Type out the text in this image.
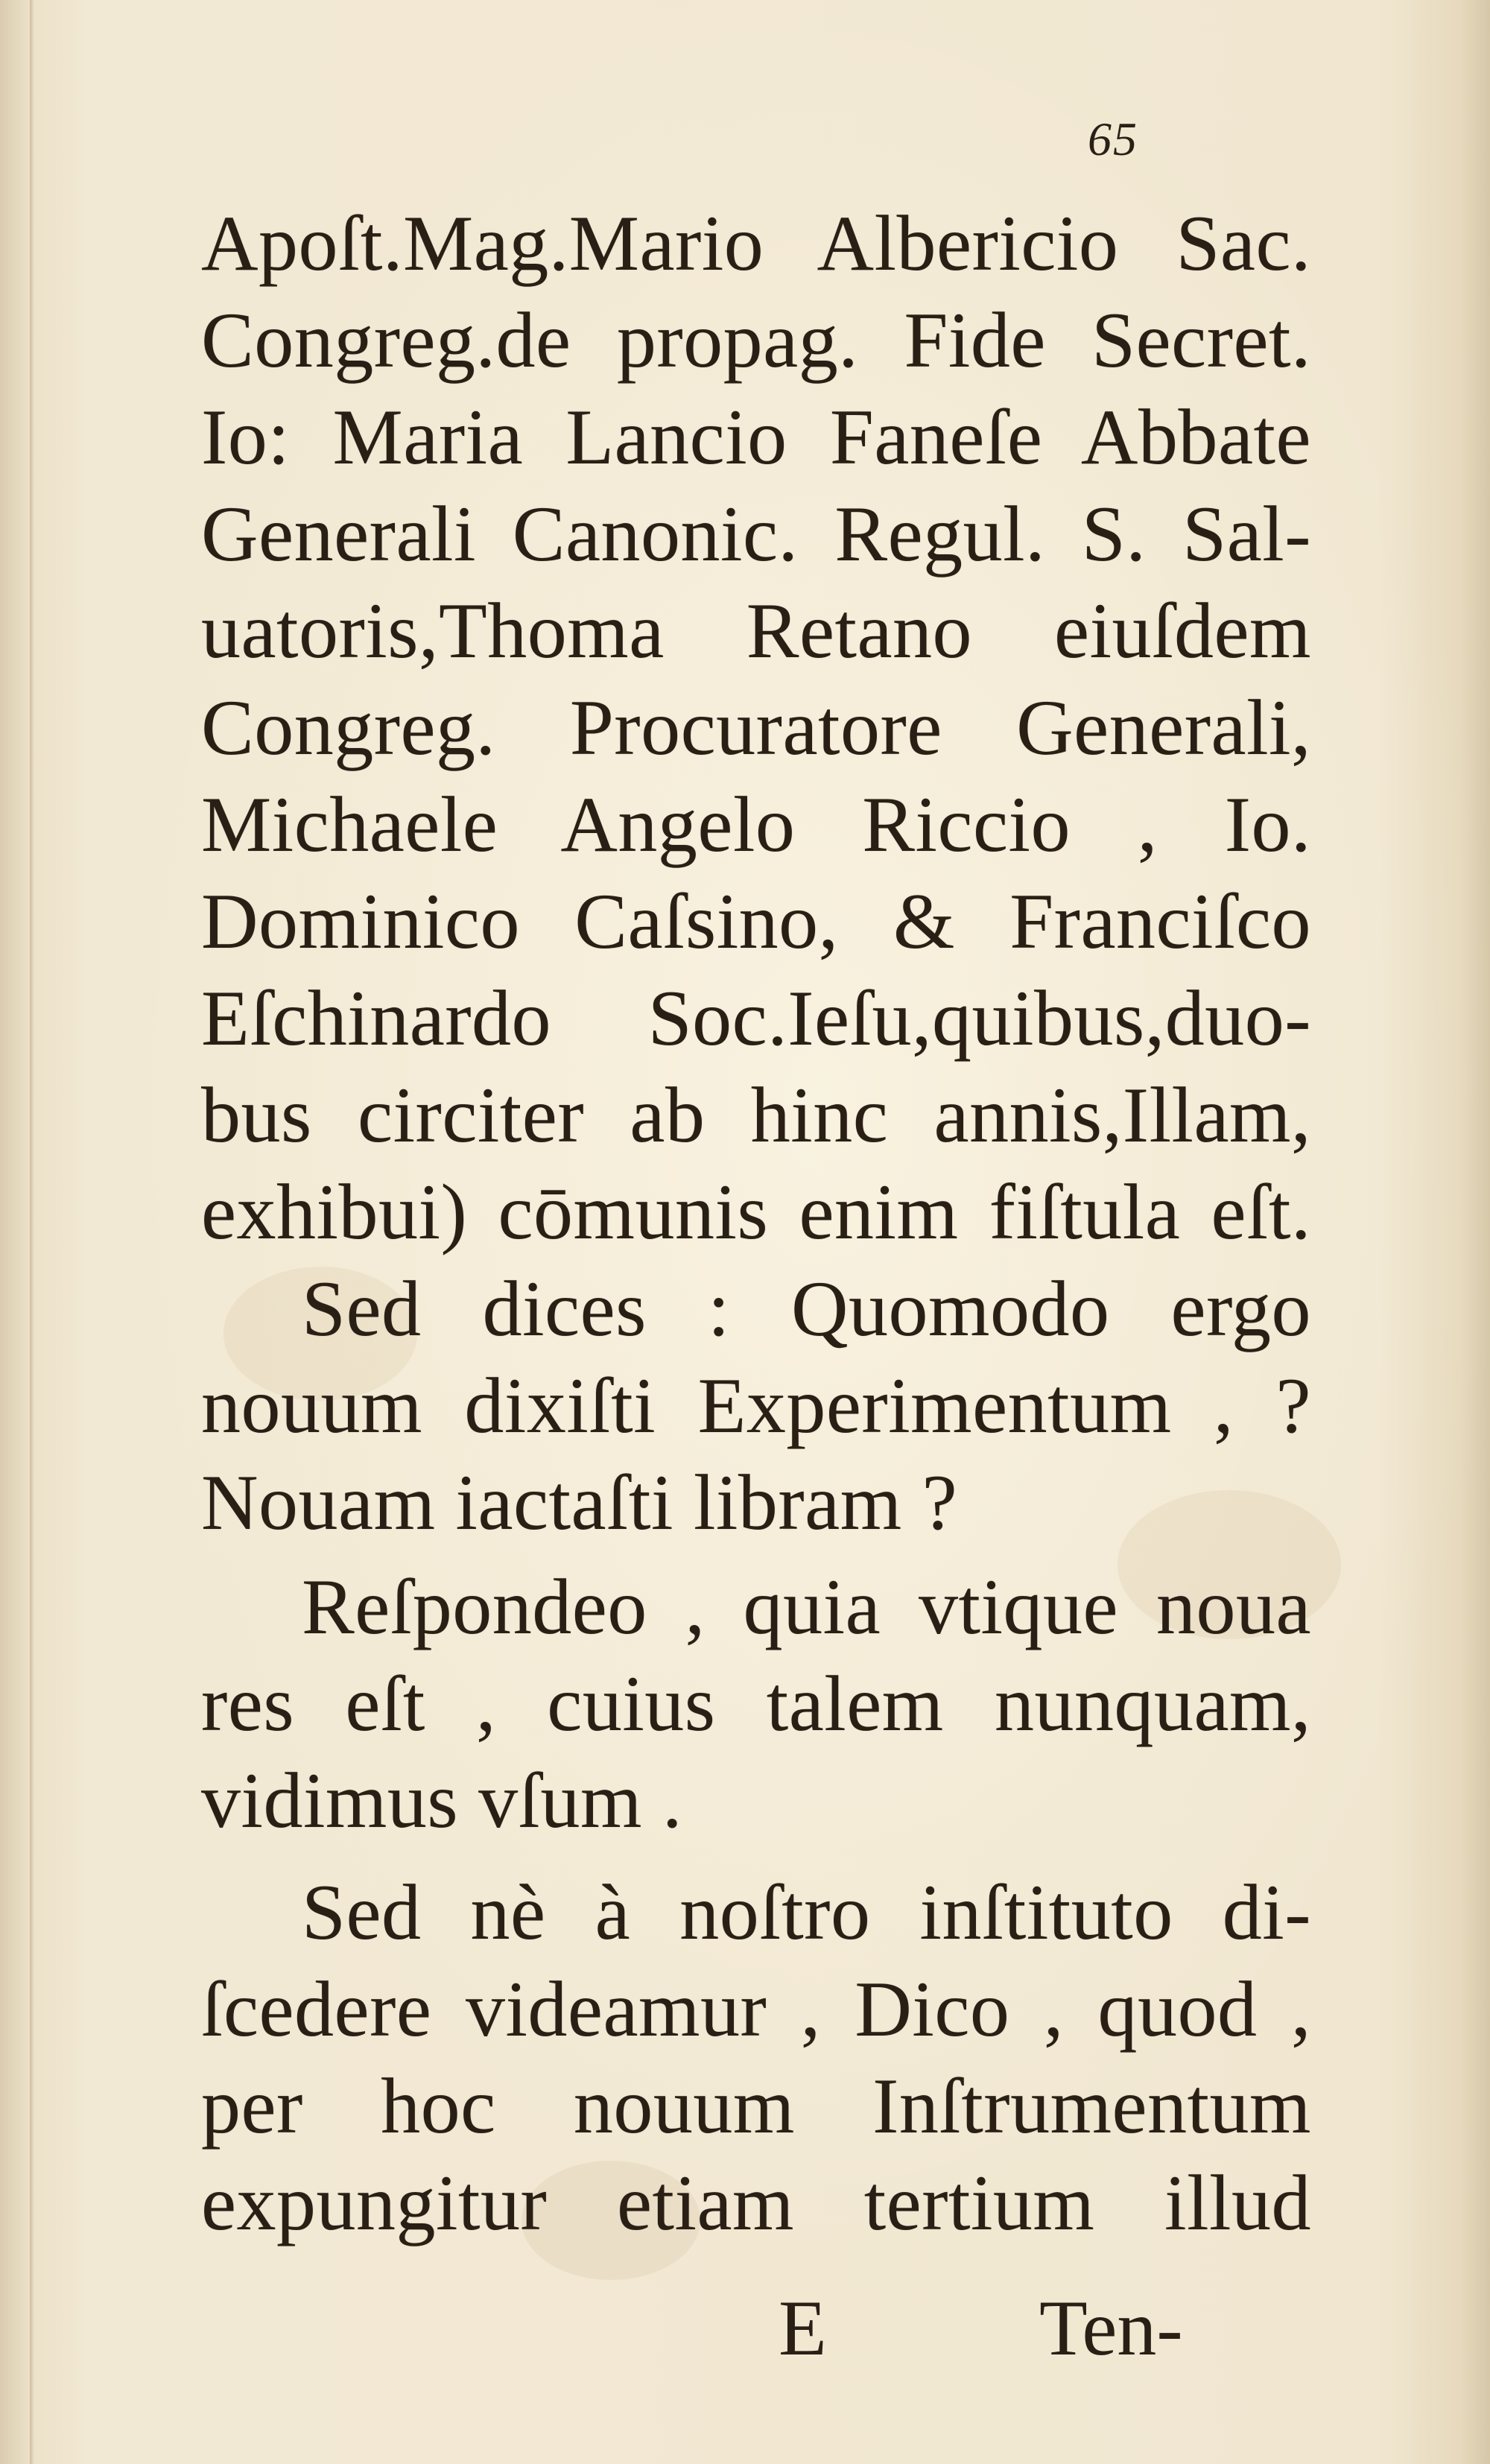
65
Apoſt.Mag.Mario Albericio Sac.
Congreg.de propag. Fide Secret.
Io: Maria Lancio Faneſe Abbate
Generali Canonic. Regul. S. Sal-
uatoris,Thoma Retano eiuſdem
Congreg. Procuratore Generali,
Michaele Angelo Riccio , Io.
Dominico Caſsino, & Franciſco
Eſchinardo Soc.Ieſu,quibus,duo-
bus circiter ab hinc annis,Illam,
exhibui) cōmunis enim fiſtula eſt.
Sed dices : Quomodo ergo
nouum dixiſti Experimentum , ?
Nouam iactaſti libram ?
Reſpondeo , quia vtique noua
res eſt , cuius talem nunquam,
vidimus vſum .
Sed nè à noſtro inſtituto di-
ſcedere videamur , Dico , quod ,
per hoc nouum Inſtrumentum
expungitur etiam tertium illud
E	Ten-
